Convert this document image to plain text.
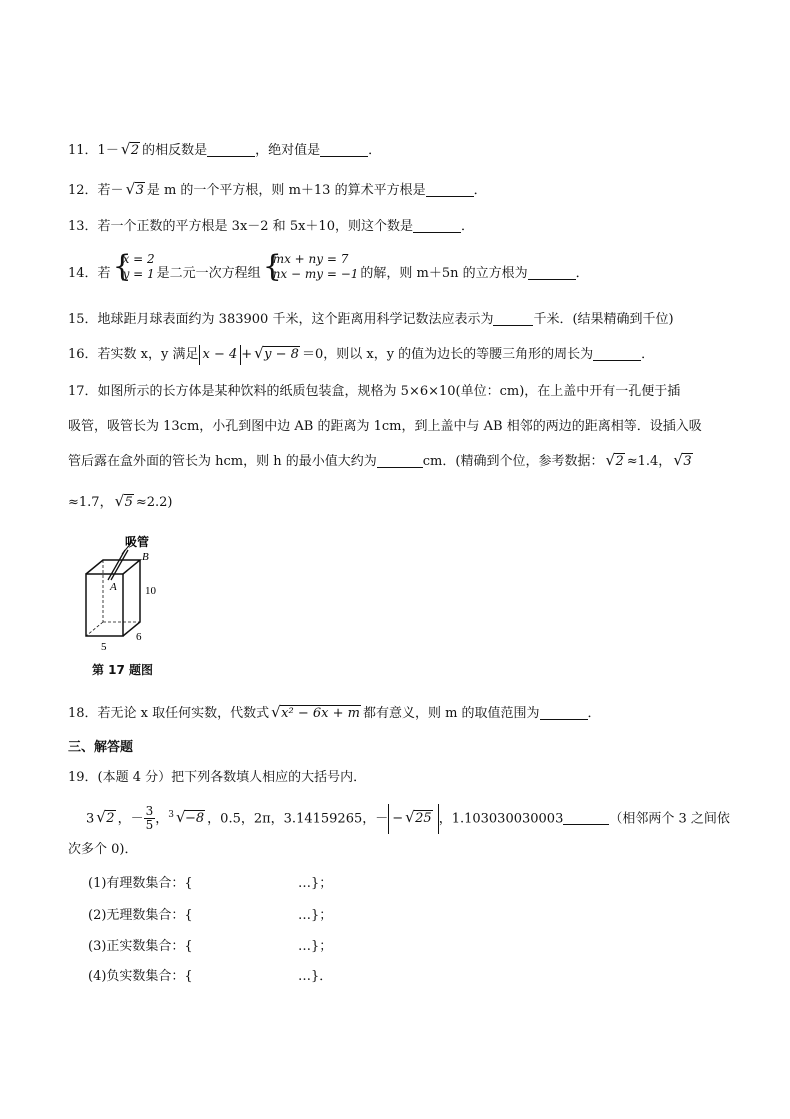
11．1－ √ 2 的相反数是	，绝对值是	．
12．若－ √ 3 是 m 的一个平方根，则 m＋13 的算术平方根是	．
13．若一个正数的平方根是 3x－2 和 5x＋10，则这个数是	．
14．若 {
x = 2
y = 1 是二元一次方程组 {
mx + ny = 7
nx − my = −1 的解，则 m＋5n 的立方根为	．
15．地球距月球表面约为 383900 千米，这个距离用科学记数法应表示为	千米．(结果精确到千位)
16．若实数 x，y 满足 x − 4 + √ y − 8 ＝0，则以 x，y 的值为边长的等腰三角形的周长为	．
17．如图所示的长方体是某种饮料的纸质包装盒，规格为 5×6×10(单位：cm)，在上盖中开有一孔便于插
吸管，吸管长为 13cm，小孔到图中边 AB 的距离为 1cm，到上盖中与 AB 相邻的两边的距离相等．设插入吸
管后露在盒外面的管长为 hcm，则 h 的最小值大约为	cm．(精确到个位，参考数据： √ 2 ≈1.4， √ 3
≈1.7， √ 5 ≈2.2)
吸管
A
B
10
5
6
第 17 题图
18．若无论 x 取任何实数，代数式 √ x² − 6x + m 都有意义，则 m 的取值范围为	．
三、解答题
19．(本题 4 分）把下列各数填人相应的大括号内．
3 √ 2 ，－ $\frac{3}{5}$ ，$^3$ √ −8 ，0.5，2π，3.14159265，－ − √ 25 ，1.103030030003	（相邻两个 3 之间依
次多个 0)．
(1)有理数集合：{	…}；
(2)无理数集合：{	…}；
(3)正实数集合：{	…}；
(4)负实数集合：{	…}．
